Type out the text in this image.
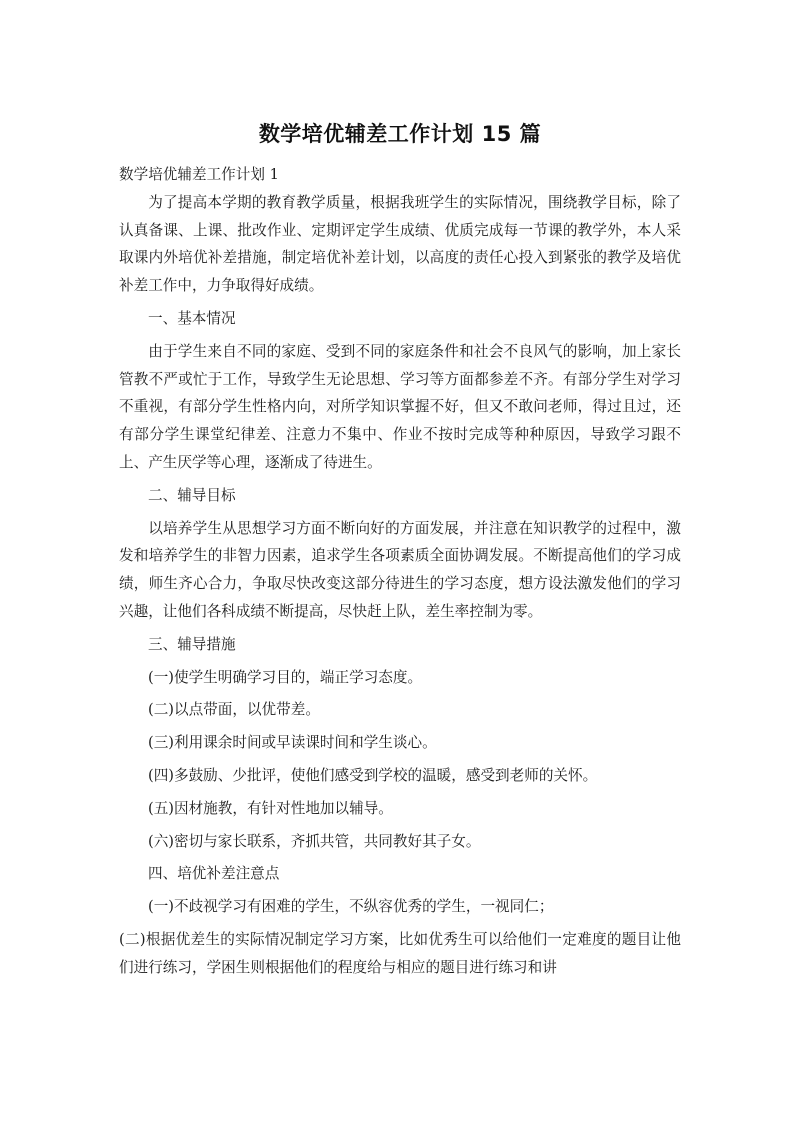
数学培优辅差工作计划 15 篇

数学培优辅差工作计划 1

为了提高本学期的教育教学质量，根据我班学生的实际情况，围绕教学目标，除了认真备课、上课、批改作业、定期评定学生成绩、优质完成每一节课的教学外，本人采取课内外培优补差措施，制定培优补差计划，以高度的责任心投入到紧张的教学及培优补差工作中，力争取得好成绩。

一、基本情况

由于学生来自不同的家庭、受到不同的家庭条件和社会不良风气的影响，加上家长管教不严或忙于工作，导致学生无论思想、学习等方面都参差不齐。有部分学生对学习不重视，有部分学生性格内向，对所学知识掌握不好，但又不敢问老师，得过且过，还有部分学生课堂纪律差、注意力不集中、作业不按时完成等种种原因，导致学习跟不上、产生厌学等心理，逐渐成了待进生。

二、辅导目标

以培养学生从思想学习方面不断向好的方面发展，并注意在知识教学的过程中，激发和培养学生的非智力因素，追求学生各项素质全面协调发展。不断提高他们的学习成绩，师生齐心合力，争取尽快改变这部分待进生的学习态度，想方设法激发他们的学习兴趣，让他们各科成绩不断提高，尽快赶上队，差生率控制为零。

三、辅导措施

(一)使学生明确学习目的，端正学习态度。

(二)以点带面，以优带差。

(三)利用课余时间或早读课时间和学生谈心。

(四)多鼓励、少批评，使他们感受到学校的温暖，感受到老师的关怀。

(五)因材施教，有针对性地加以辅导。

(六)密切与家长联系，齐抓共管，共同教好其子女。

四、培优补差注意点

(一)不歧视学习有困难的学生，不纵容优秀的学生，一视同仁；

(二)根据优差生的实际情况制定学习方案，比如优秀生可以给他们一定难度的题目让他们进行练习，学困生则根据他们的程度给与相应的题目进行练习和讲
